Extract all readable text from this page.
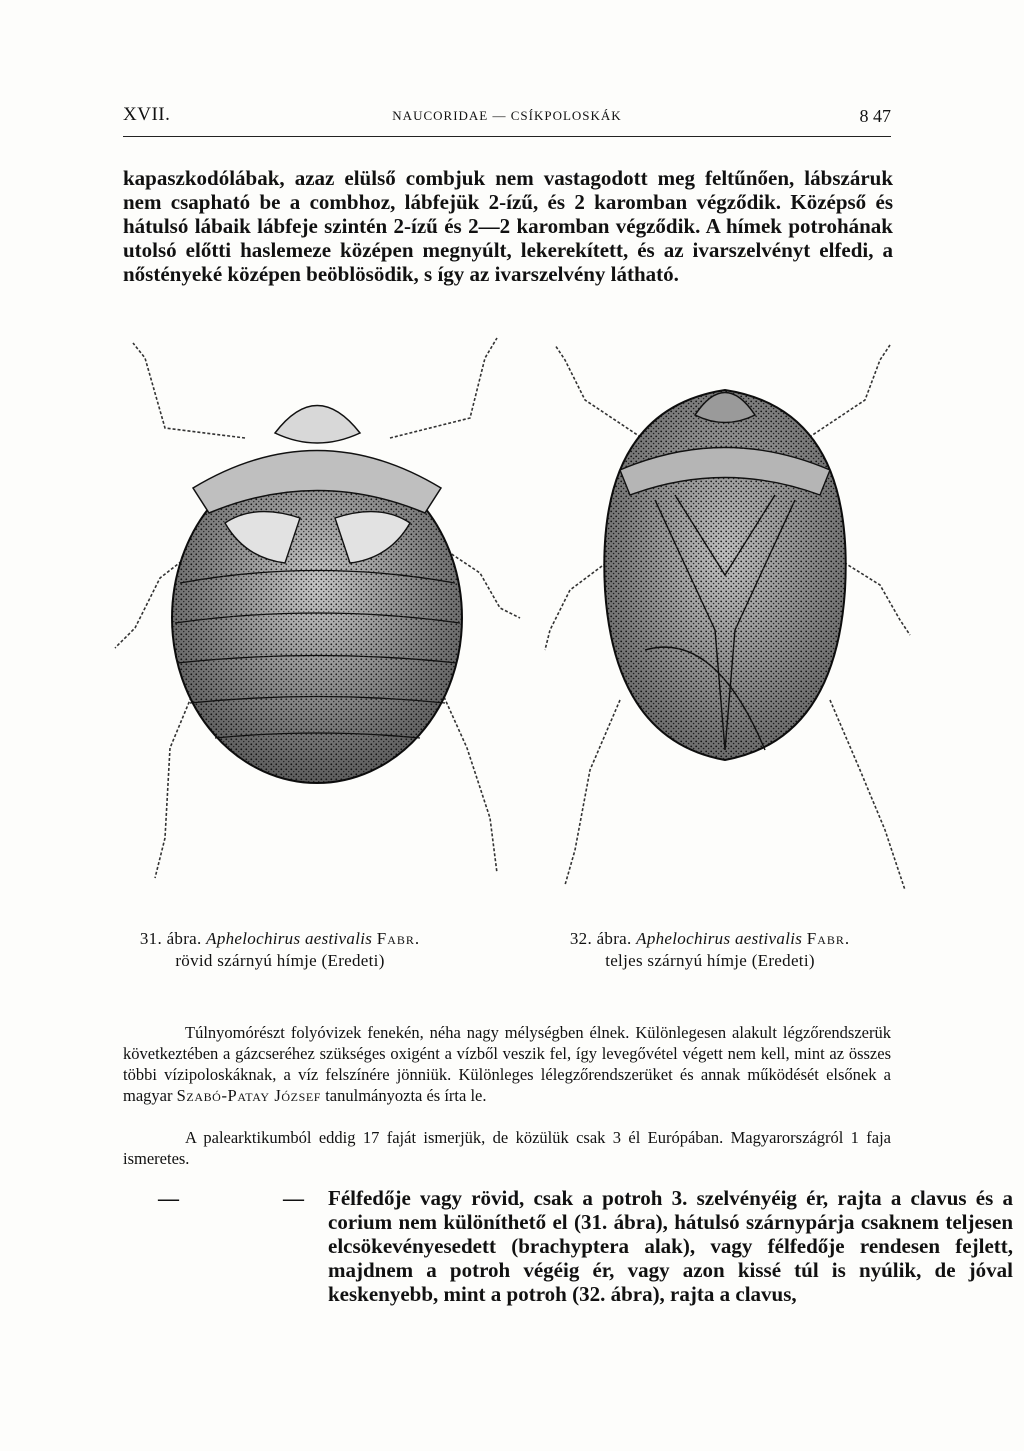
XVII.	NAUCORIDAE — CSÍKPOLOSKÁK	8 47
kapaszkodólábak, azaz elülső combjuk nem vastagodott meg feltűnően, lábszáruk nem csapható be a combhoz, lábfejük 2-ízű, és 2 karomban végződik. Középső és hátulsó lábaik lábfeje szintén 2-ízű és 2—2 karomban végződik. A hímek potrohának utolsó előtti haslemeze középen megnyúlt, lekerekített, és az ivarszelvényt elfedi, a nőstényeké középen beöblösödik, s így az ivarszelvény látható.
31. ábra. Aphelochirus aestivalis Fabr.
rövid szárnyú hímje (Eredeti)
32. ábra. Aphelochirus aestivalis Fabr.
teljes szárnyú hímje (Eredeti)
Túlnyomórészt folyóvizek fenekén, néha nagy mélységben élnek. Különlegesen alakult légzőrendszerük következtében a gázcseréhez szükséges oxigént a vízből veszik fel, így levegővétel végett nem kell, mint az összes többi vízipoloskáknak, a víz felszínére jönniük. Különleges lélegzőrendszerüket és annak működését elsőnek a magyar Szabó-Patay József tanulmányozta és írta le.
A palearktikumból eddig 17 faját ismerjük, de közülük csak 3 él Európában. Magyarországról 1 faja ismeretes.
—	— Félfedője vagy rövid, csak a potroh 3. szelvényéig ér, rajta a clavus és a corium nem különíthető el (31. ábra), hátulsó szárnypárja csaknem teljesen elcsökevényesedett (brachyptera alak), vagy félfedője rendesen fejlett, majdnem a potroh végéig ér, vagy azon kissé túl is nyúlik, de jóval keskenyebb, mint a potroh (32. ábra), rajta a clavus,
